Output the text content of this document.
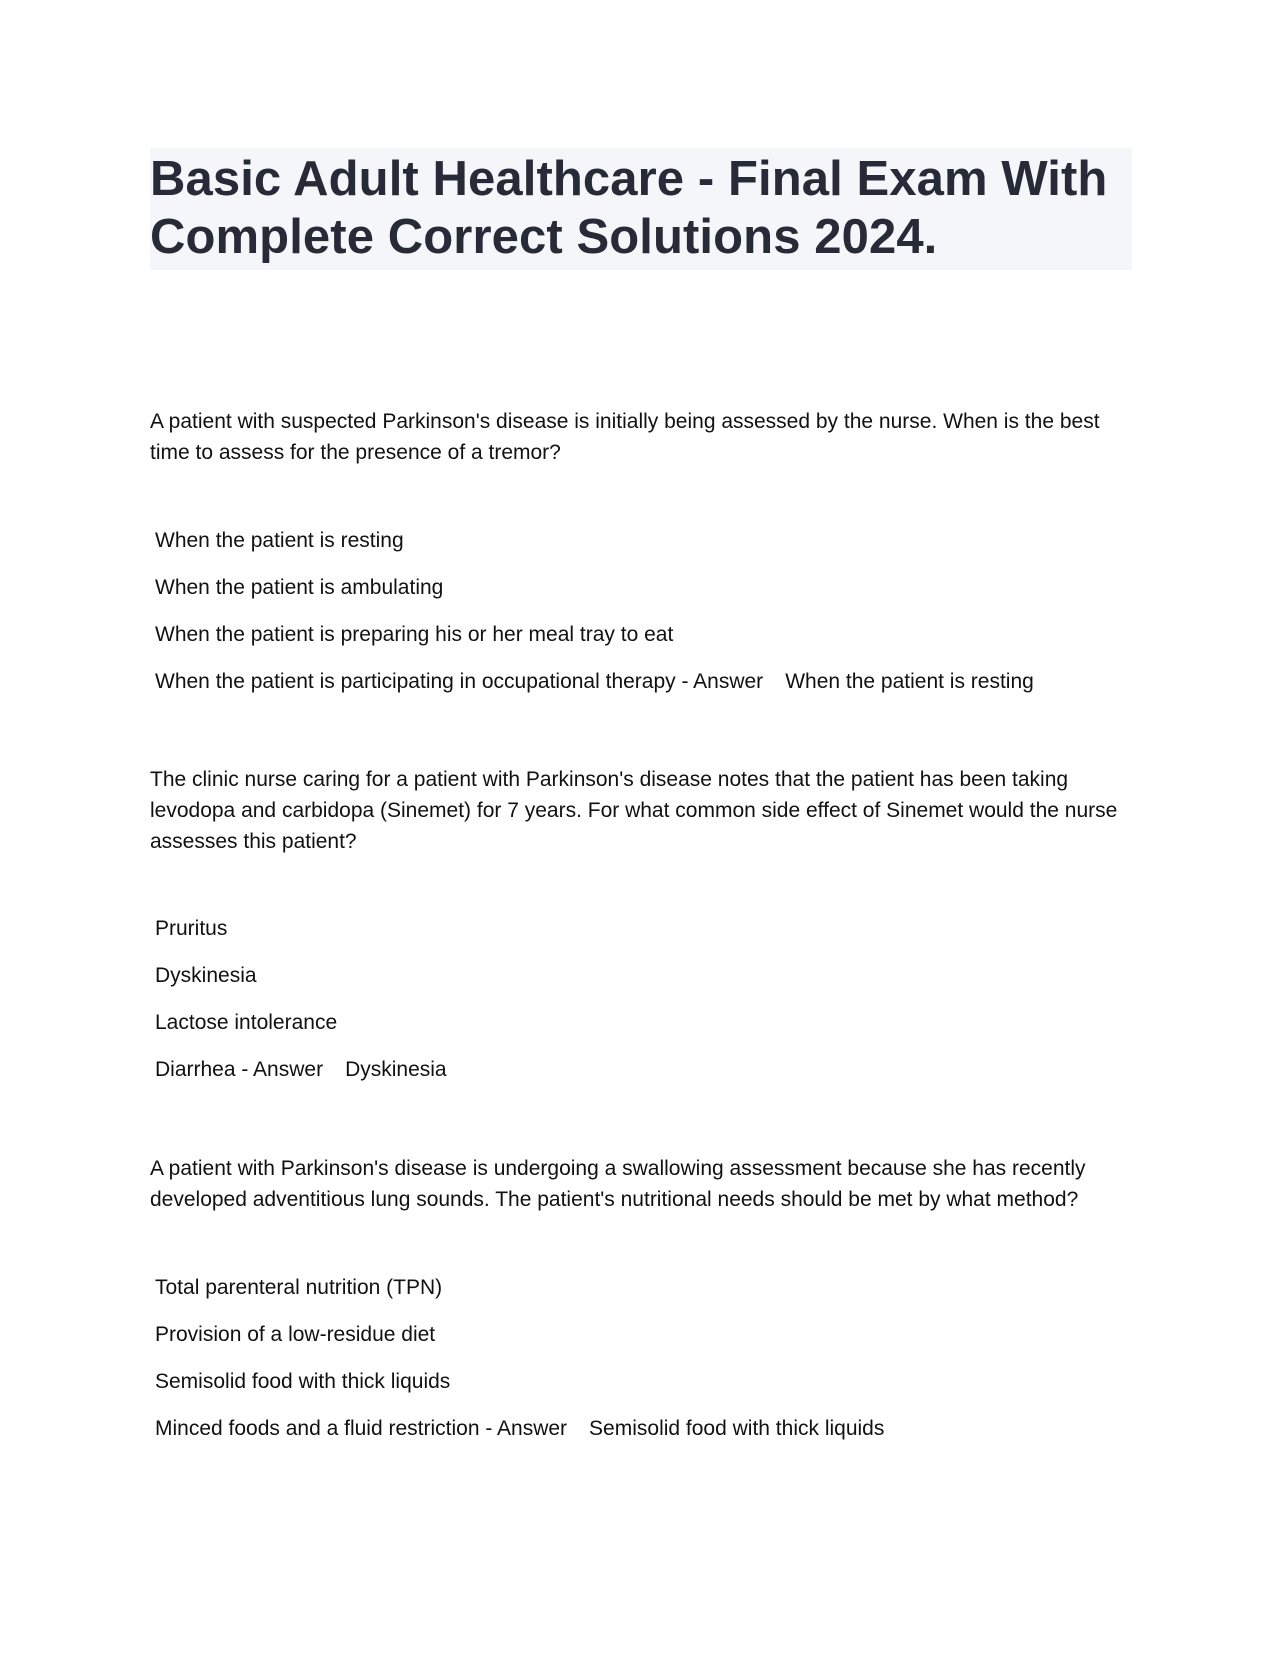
Basic Adult Healthcare - Final Exam With Complete Correct Solutions 2024.

A patient with suspected Parkinson's disease is initially being assessed by the nurse. When is the best time to assess for the presence of a tremor?

When the patient is resting
When the patient is ambulating
When the patient is preparing his or her meal tray to eat
When the patient is participating in occupational therapy - Answer When the patient is resting

The clinic nurse caring for a patient with Parkinson's disease notes that the patient has been taking levodopa and carbidopa (Sinemet) for 7 years. For what common side effect of Sinemet would the nurse assesses this patient?

Pruritus
Dyskinesia
Lactose intolerance
Diarrhea - Answer Dyskinesia

A patient with Parkinson's disease is undergoing a swallowing assessment because she has recently developed adventitious lung sounds. The patient's nutritional needs should be met by what method?

Total parenteral nutrition (TPN)
Provision of a low-residue diet
Semisolid food with thick liquids
Minced foods and a fluid restriction - Answer Semisolid food with thick liquids
